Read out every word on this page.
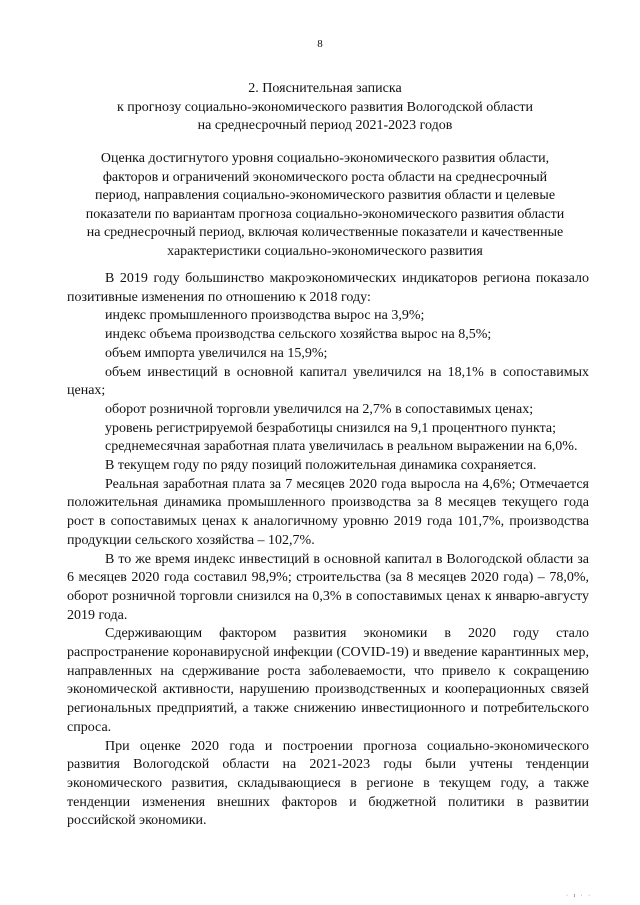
8
2. Пояснительная записка
к прогнозу социально-экономического развития Вологодской области
на среднесрочный период 2021-2023 годов
Оценка достигнутого уровня социально-экономического развития области,
факторов и ограничений экономического роста области на среднесрочный
период, направления социально-экономического развития области и целевые
показатели по вариантам прогноза социально-экономического развития области
на среднесрочный период, включая количественные показатели и качественные
характеристики социально-экономического развития

В 2019 году большинство макроэкономических индикаторов региона показало позитивные изменения по отношению к 2018 году:

индекс промышленного производства вырос на 3,9%;

индекс объема производства сельского хозяйства вырос на 8,5%;

объем импорта увеличился на 15,9%;

объем инвестиций в основной капитал увеличился на 18,1% в сопоставимых ценах;

оборот розничной торговли увеличился на 2,7% в сопоставимых ценах;

уровень регистрируемой безработицы снизился на 9,1 процентного пункта;

среднемесячная заработная плата увеличилась в реальном выражении на 6,0%.

В текущем году по ряду позиций положительная динамика сохраняется.

Реальная заработная плата за 7 месяцев 2020 года выросла на 4,6%; Отмечается положительная динамика промышленного производства за 8 месяцев текущего года рост в сопоставимых ценах к аналогичному уровню 2019 года 101,7%, производства продукции сельского хозяйства – 102,7%.

В то же время индекс инвестиций в основной капитал в Вологодской области за 6 месяцев 2020 года составил 98,9%; строительства (за 8 месяцев 2020 года) – 78,0%, оборот розничной торговли снизился на 0,3% в сопоставимых ценах к январю-августу 2019 года.

Сдерживающим фактором развития экономики в 2020 году стало распространение коронавирусной инфекции (COVID-19) и введение карантинных мер, направленных на сдерживание роста заболеваемости, что привело к сокращению экономической активности, нарушению производственных и кооперационных связей региональных предприятий, а также снижению инвестиционного и потребительского спроса.

При оценке 2020 года и построении прогноза социально-экономического развития Вологодской области на 2021-2023 годы были учтены тенденции экономического развития, складывающиеся в регионе в текущем году, а также тенденции изменения внешних факторов и бюджетной политики в развитии российской экономики.

· ı · ·
